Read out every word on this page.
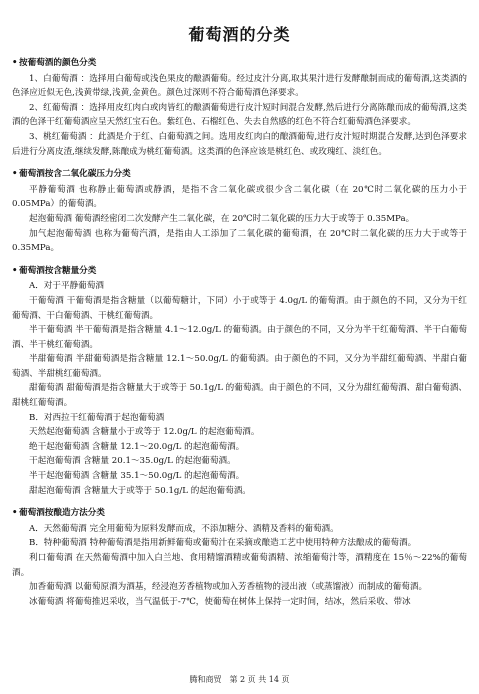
葡萄酒的分类
• 按葡萄酒的颜色分类

1、白葡萄酒 ：选择用白葡萄或浅色果皮的酿酒葡萄。经过皮汁分离,取其果汁进行发酵酿制而成的葡萄酒,这类酒的色泽应近似无色,浅黄带绿,浅黄,金黄色。颜色过深则不符合葡萄酒色泽要求。

2、红葡萄酒 ：选择用皮红肉白或肉皆红的酿酒葡萄进行皮汁短时间混合发酵,然后进行分离陈酿而成的葡萄酒,这类酒的色泽干红葡萄酒应呈天然红宝石色。紫红色、石榴红色、失去自然感的红色不符合红葡萄酒色泽要求。

3、桃红葡萄酒 ：此酒是介于红、白葡萄酒之间。选用皮红肉白的酿酒葡萄,进行皮汁短时期混合发酵,达到色泽要求后进行分离皮渣,继续发酵,陈酿成为桃红葡萄酒。这类酒的色泽应该是桃红色、或玫瑰红、淡红色。

• 葡萄酒按含二氧化碳压力分类

平静葡萄酒 也称静止葡萄酒或静酒，是指不含二氧化碳或很少含二氧化碳（在 20℃时二氧化碳的压力小于 0.05MPa）的葡萄酒。

起泡葡萄酒 葡萄酒经密闭二次发酵产生二氧化碳，在 20℃时二氧化碳的压力大于或等于 0.35MPa。

加气起泡葡萄酒 也称为葡萄汽酒，是指由人工添加了二氧化碳的葡萄酒，在 20℃时二氧化碳的压力大于或等于 0.35MPa。

• 葡萄酒按含糖量分类

A．对于平静葡萄酒

干葡萄酒 干葡萄酒是指含糖量（以葡萄糖计，下同）小于或等于 4.0g/L 的葡萄酒。由于颜色的不同，又分为干红葡萄酒、干白葡萄酒、干桃红葡萄酒。

半干葡萄酒 半干葡萄酒是指含糖量 4.1～12.0g/L 的葡萄酒。由于颜色的不同，又分为半干红葡萄酒、半干白葡萄酒、半干桃红葡萄酒。

半甜葡萄酒 半甜葡萄酒是指含糖量 12.1～50.0g/L 的葡萄酒。由于颜色的不同，又分为半甜红葡萄酒、半甜白葡萄酒、半甜桃红葡萄酒。

甜葡萄酒 甜葡萄酒是指含糖量大于或等于 50.1g/L 的葡萄酒。由于颜色的不同，又分为甜红葡萄酒、甜白葡萄酒、甜桃红葡萄酒。

B．对西拉干红葡萄酒于起泡葡萄酒

天然起泡葡萄酒 含糖量小于或等于 12.0g/L 的起泡葡萄酒。

绝干起泡葡萄酒 含糖量 12.1～20.0g/L 的起泡葡萄酒。

干起泡葡萄酒 含糖量 20.1～35.0g/L 的起泡葡萄酒。

半干起泡葡萄酒 含糖量 35.1～50.0g/L 的起泡葡萄酒。

甜起泡葡萄酒 含糖量大于或等于 50.1g/L 的起泡葡萄酒。

• 葡萄酒按酿造方法分类

A．天然葡萄酒 完全用葡萄为原料发酵而成，不添加糖分、酒精及香料的葡萄酒。

B．特种葡萄酒 特种葡萄酒是指用新鲜葡萄或葡萄汁在采摘或酿造工艺中使用特种方法酿成的葡萄酒。

利口葡萄酒 在天然葡萄酒中加入白兰地、食用精馏酒精或葡萄酒精、浓缩葡萄汁等，酒精度在 15％～22%的葡萄酒。

加香葡萄酒 以葡萄原酒为酒基，经浸泡芳香植物或加入芳香植物的浸出液（或蒸馏液）而制成的葡萄酒。

冰葡萄酒 将葡萄推迟采收，当气温低于-7℃，使葡萄在树体上保持一定时间，结冰，然后采收、带冰

腾和商贸　第 2 页 共 14 页
